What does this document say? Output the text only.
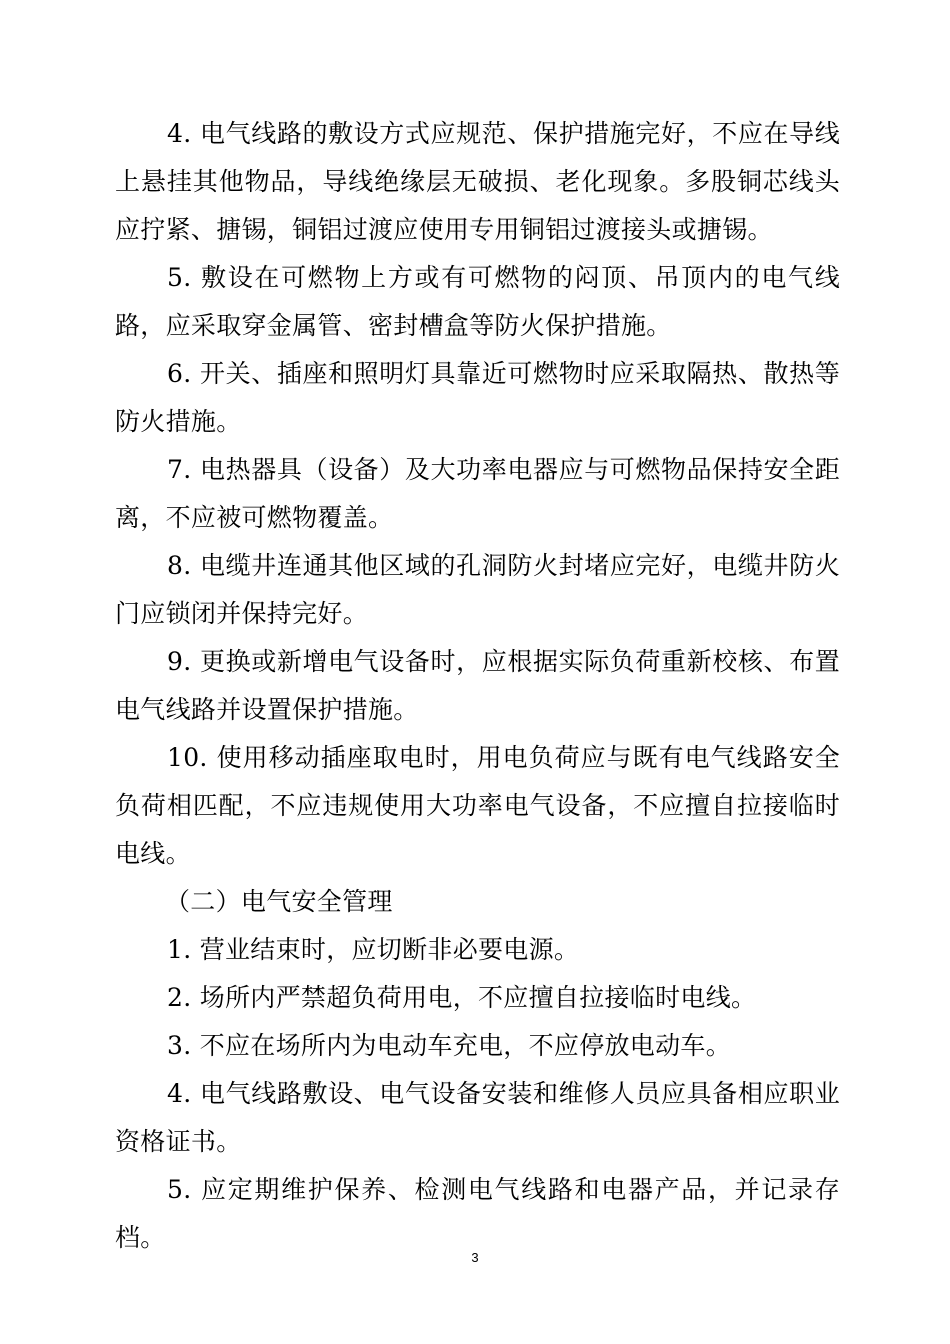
4. 电气线路的敷设方式应规范、保护措施完好，不应在导线上悬挂其他物品，导线绝缘层无破损、老化现象。多股铜芯线头应拧紧、搪锡，铜铝过渡应使用专用铜铝过渡接头或搪锡。

5. 敷设在可燃物上方或有可燃物的闷顶、吊顶内的电气线路，应采取穿金属管、密封槽盒等防火保护措施。

6. 开关、插座和照明灯具靠近可燃物时应采取隔热、散热等防火措施。

7. 电热器具（设备）及大功率电器应与可燃物品保持安全距离，不应被可燃物覆盖。

8. 电缆井连通其他区域的孔洞防火封堵应完好，电缆井防火门应锁闭并保持完好。

9. 更换或新增电气设备时，应根据实际负荷重新校核、布置电气线路并设置保护措施。

10. 使用移动插座取电时，用电负荷应与既有电气线路安全负荷相匹配，不应违规使用大功率电气设备，不应擅自拉接临时电线。

（二）电气安全管理

1. 营业结束时，应切断非必要电源。

2. 场所内严禁超负荷用电，不应擅自拉接临时电线。

3. 不应在场所内为电动车充电，不应停放电动车。

4. 电气线路敷设、电气设备安装和维修人员应具备相应职业资格证书。

5. 应定期维护保养、检测电气线路和电器产品，并记录存档。

3
